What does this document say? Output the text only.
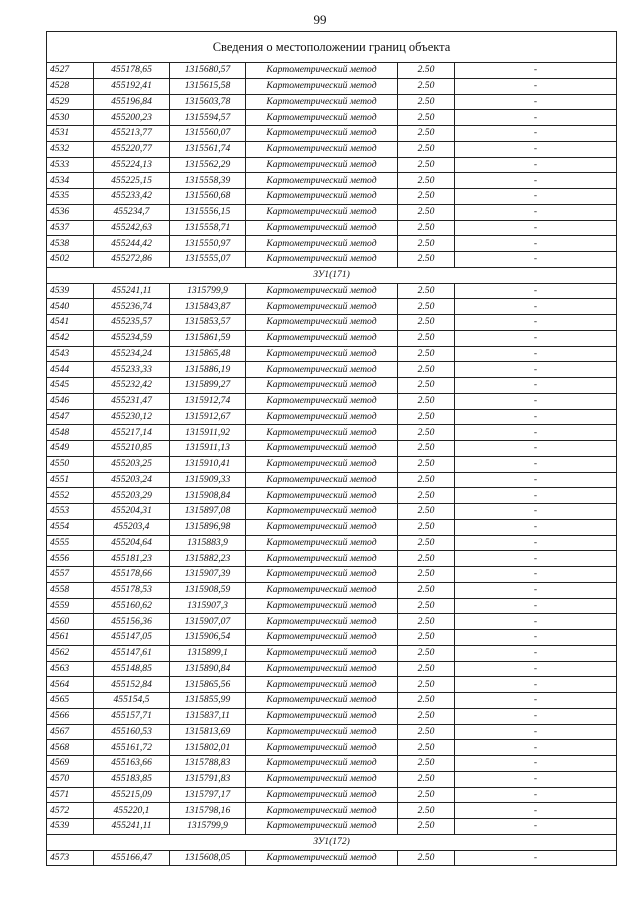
99
Сведения о местоположении границ объекта					
4527	455178,65	1315680,57	Картометрический метод	2.50	-
4528	455192,41	1315615,58	Картометрический метод	2.50	-
4529	455196,84	1315603,78	Картометрический метод	2.50	-
4530	455200,23	1315594,57	Картометрический метод	2.50	-
4531	455213,77	1315560,07	Картометрический метод	2.50	-
4532	455220,77	1315561,74	Картометрический метод	2.50	-
4533	455224,13	1315562,29	Картометрический метод	2.50	-
4534	455225,15	1315558,39	Картометрический метод	2.50	-
4535	455233,42	1315560,68	Картометрический метод	2.50	-
4536	455234,7	1315556,15	Картометрический метод	2.50	-
4537	455242,63	1315558,71	Картометрический метод	2.50	-
4538	455244,42	1315550,97	Картометрический метод	2.50	-
4502	455272,86	1315555,07	Картометрический метод	2.50	-
ЗУ1(171)					
4539	455241,11	1315799,9	Картометрический метод	2.50	-
4540	455236,74	1315843,87	Картометрический метод	2.50	-
4541	455235,57	1315853,57	Картометрический метод	2.50	-
4542	455234,59	1315861,59	Картометрический метод	2.50	-
4543	455234,24	1315865,48	Картометрический метод	2.50	-
4544	455233,33	1315886,19	Картометрический метод	2.50	-
4545	455232,42	1315899,27	Картометрический метод	2.50	-
4546	455231,47	1315912,74	Картометрический метод	2.50	-
4547	455230,12	1315912,67	Картометрический метод	2.50	-
4548	455217,14	1315911,92	Картометрический метод	2.50	-
4549	455210,85	1315911,13	Картометрический метод	2.50	-
4550	455203,25	1315910,41	Картометрический метод	2.50	-
4551	455203,24	1315909,33	Картометрический метод	2.50	-
4552	455203,29	1315908,84	Картометрический метод	2.50	-
4553	455204,31	1315897,08	Картометрический метод	2.50	-
4554	455203,4	1315896,98	Картометрический метод	2.50	-
4555	455204,64	1315883,9	Картометрический метод	2.50	-
4556	455181,23	1315882,23	Картометрический метод	2.50	-
4557	455178,66	1315907,39	Картометрический метод	2.50	-
4558	455178,53	1315908,59	Картометрический метод	2.50	-
4559	455160,62	1315907,3	Картометрический метод	2.50	-
4560	455156,36	1315907,07	Картометрический метод	2.50	-
4561	455147,05	1315906,54	Картометрический метод	2.50	-
4562	455147,61	1315899,1	Картометрический метод	2.50	-
4563	455148,85	1315890,84	Картометрический метод	2.50	-
4564	455152,84	1315865,56	Картометрический метод	2.50	-
4565	455154,5	1315855,99	Картометрический метод	2.50	-
4566	455157,71	1315837,11	Картометрический метод	2.50	-
4567	455160,53	1315813,69	Картометрический метод	2.50	-
4568	455161,72	1315802,01	Картометрический метод	2.50	-
4569	455163,66	1315788,83	Картометрический метод	2.50	-
4570	455183,85	1315791,83	Картометрический метод	2.50	-
4571	455215,09	1315797,17	Картометрический метод	2.50	-
4572	455220,1	1315798,16	Картометрический метод	2.50	-
4539	455241,11	1315799,9	Картометрический метод	2.50	-
ЗУ1(172)					
4573	455166,47	1315608,05	Картометрический метод	2.50	-
